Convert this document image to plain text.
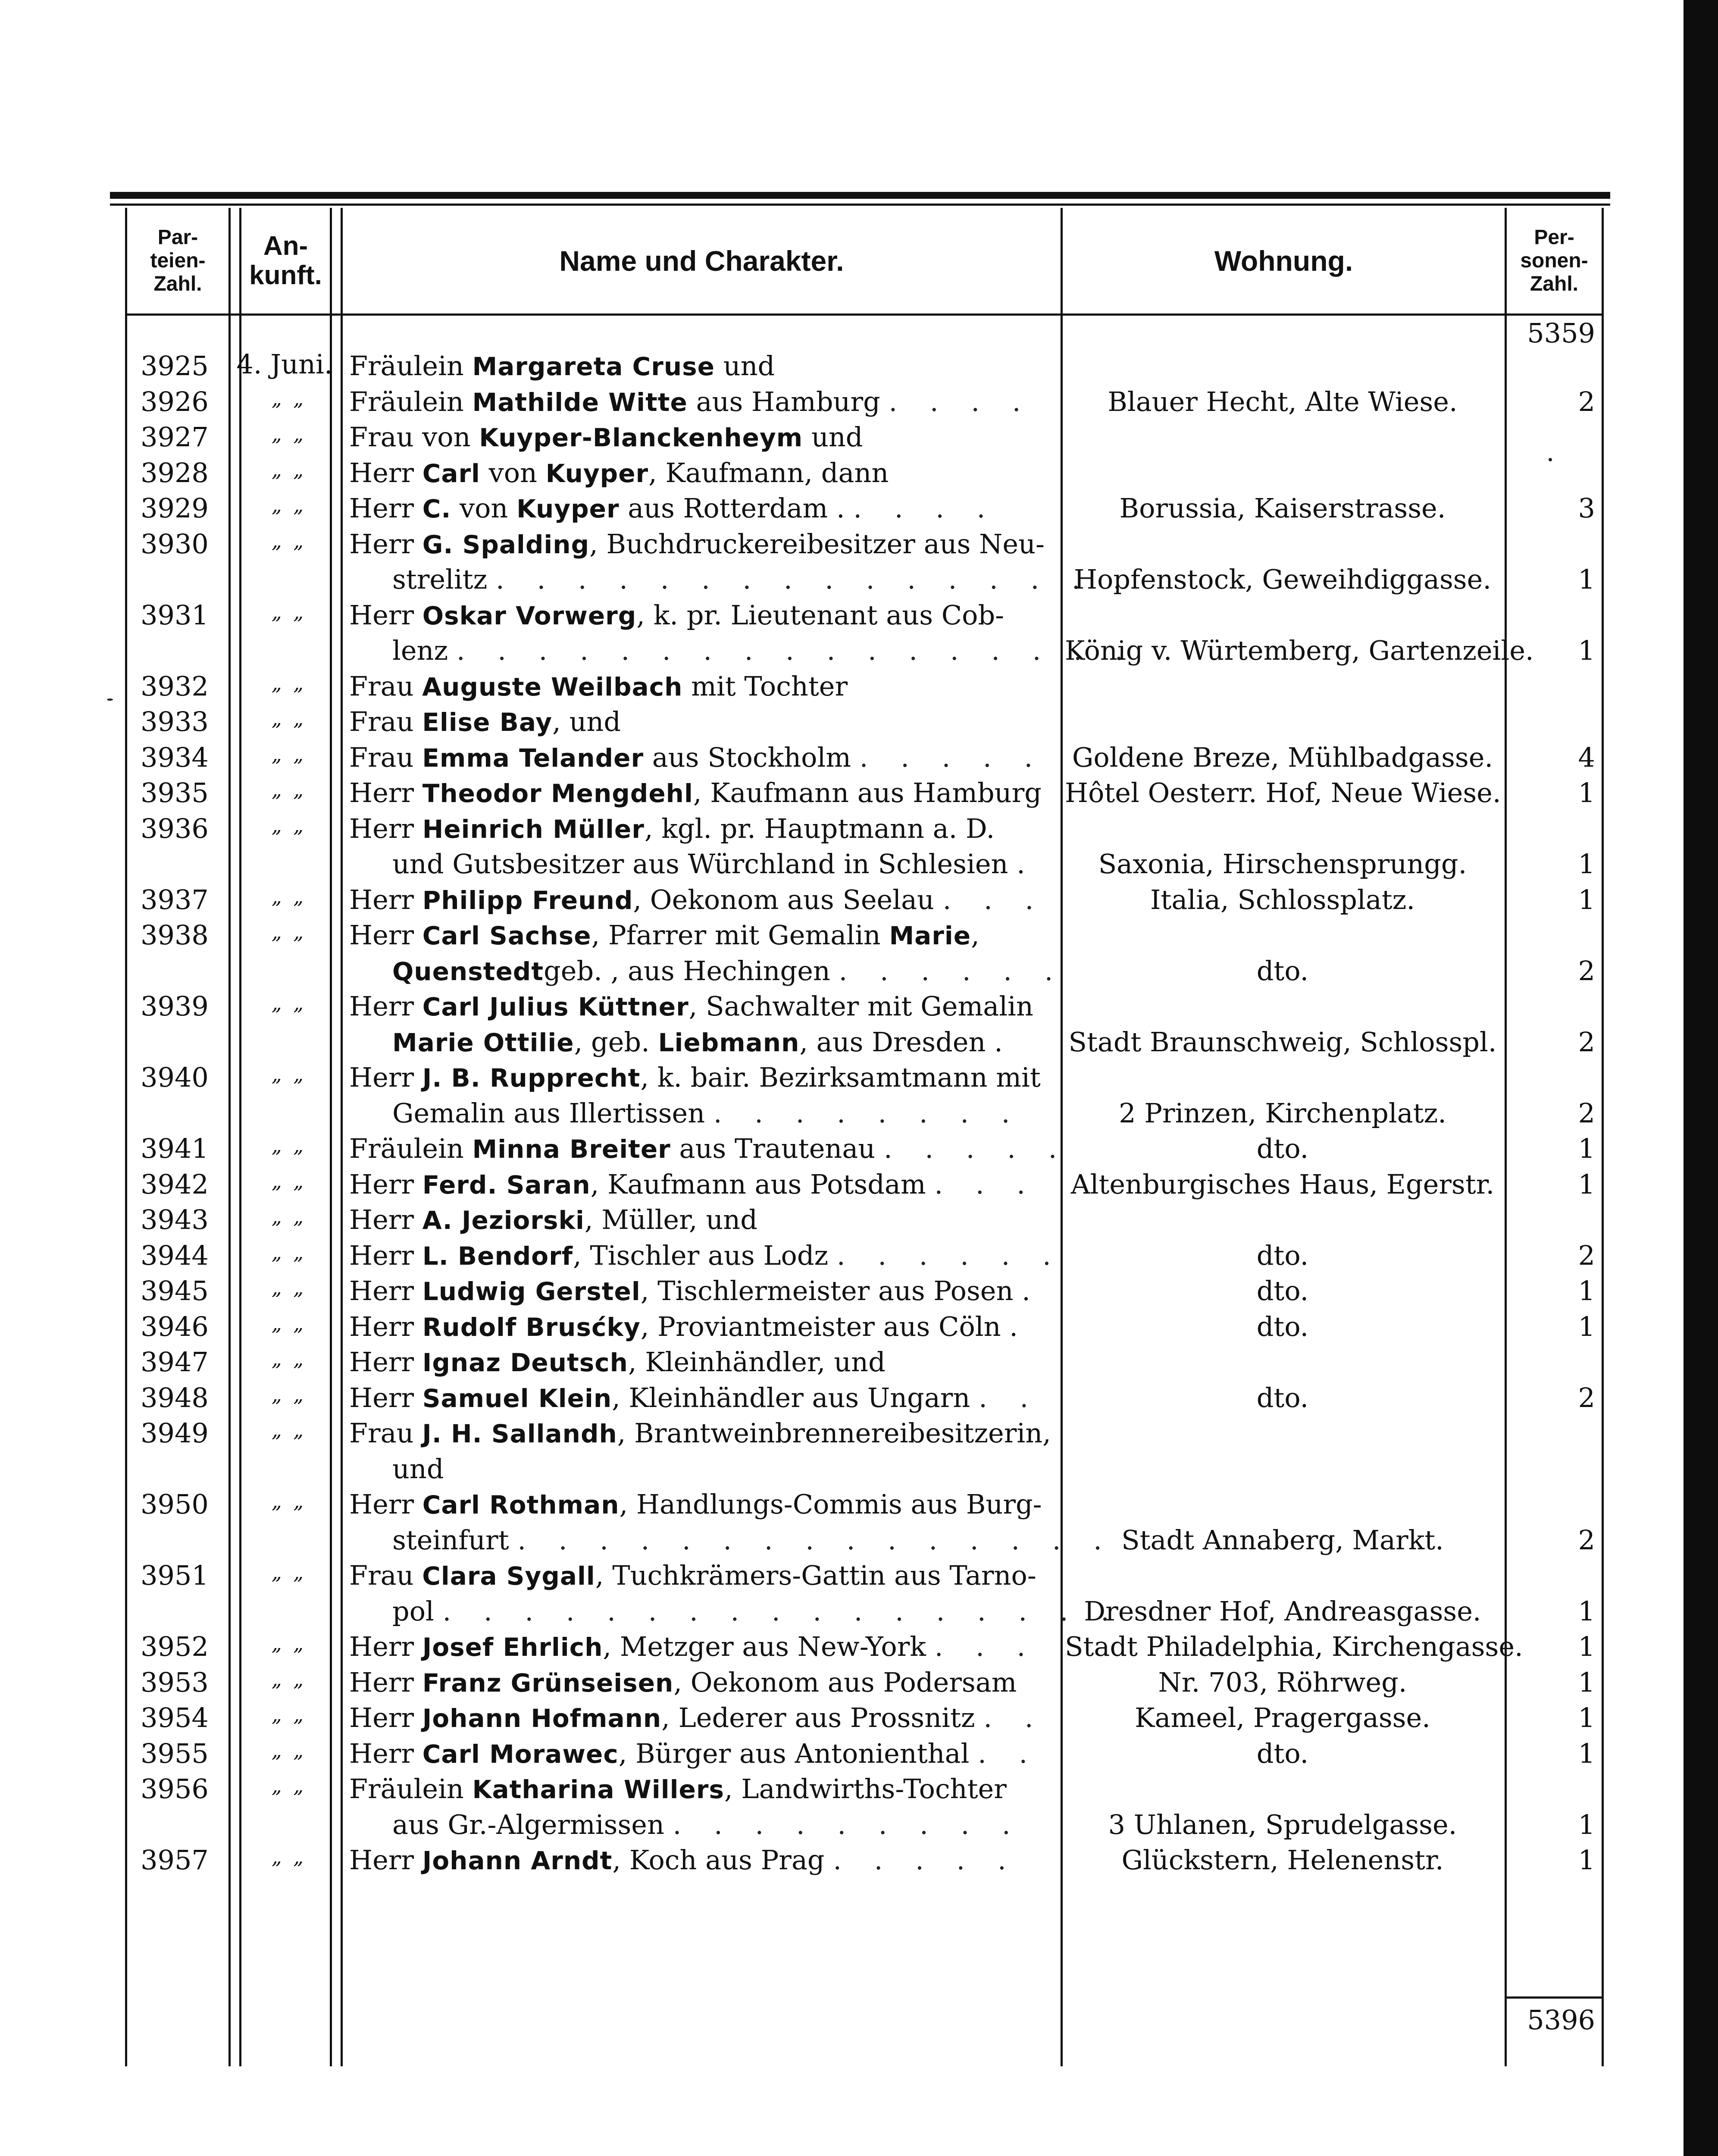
Par-
teien-
Zahl.
An-
kunft.	Name und Charakter.	Wohnung.
Per-
sonen-
Zahl.
5359
3925	4. Juni. Fräulein Margareta Cruse und
3926	„ „	Fräulein Mathilde Witte aus Hamburg . . . .	Blauer Hecht, Alte Wiese.	2
3927	„ „	Frau von Kuyper-Blanckenheym und
3928	„ „	Herr Carl von Kuyper, Kaufmann, dann
3929	„ „	Herr C. von Kuyper aus Rotterdam . . . . .	Borussia, Kaiserstrasse.	3
3930	„ „	Herr G. Spalding, Buchdruckereibesitzer aus Neu-
strelitz . . . . . . . . . . . . . . . .
Hopfenstock, Geweihdiggasse.	1
3931	„ „	Herr Oskar Vorwerg, k. pr. Lieutenant aus Cob-
lenz . . . . . . . . . . . . . . . . .
König v. Würtemberg, Gartenzeile.	1
3932	„ „	Frau Auguste Weilbach mit Tochter
3933	„ „	Frau Elise Bay, und
3934	„ „	Frau Emma Telander aus Stockholm . . . . . Goldene Breze, Mühlbadgasse.	4
3935	„ „	Herr Theodor Mengdehl, Kaufmann aus Hamburg Hôtel Oesterr. Hof, Neue Wiese.	1
3936	„ „	Herr Heinrich Müller, kgl. pr. Hauptmann a. D.
und Gutsbesitzer aus Würchland in Schlesien .	Saxonia, Hirschensprungg.	1
3937	„ „	Herr Philipp Freund, Oekonom aus Seelau . . .	Italia, Schlossplatz.	1
3938	„ „	Herr Carl Sachse, Pfarrer mit Gemalin Marie,
Quenstedtgeb. , aus Hechingen . . . . . .	dto.	2
3939	„ „	Herr Carl Julius Küttner, Sachwalter mit Gemalin
Marie Ottilie, geb. Liebmann, aus Dresden .	Stadt Braunschweig, Schlosspl.	2
3940	„ „	Herr J. B. Rupprecht, k. bair. Bezirksamtmann mit
Gemalin aus Illertissen . . . . . . . .	2 Prinzen, Kirchenplatz.	2
3941	„ „	Fräulein Minna Breiter aus Trautenau . . . . .	dto.	1
3942	„ „	Herr Ferd. Saran, Kaufmann aus Potsdam . . . Altenburgisches Haus, Egerstr.	1
3943	„ „	Herr A. Jeziorski, Müller, und
3944	„ „	Herr L. Bendorf, Tischler aus Lodz . . . . . .	dto.	2
3945	„ „	Herr Ludwig Gerstel, Tischlermeister aus Posen .	dto.	1
3946	„ „	Herr Rudolf Brusćky, Proviantmeister aus Cöln .	dto.	1
3947	„ „	Herr Ignaz Deutsch, Kleinhändler, und
3948	„ „	Herr Samuel Klein, Kleinhändler aus Ungarn . .	dto.	2
3949	„ „	Frau J. H. Sallandh, Brantweinbrennereibesitzerin,
und
3950	„ „	Herr Carl Rothman, Handlungs-Commis aus Burg-
steinfurt . . . . . . . . . . . . . . . Stadt Annaberg, Markt.	2
3951	„ „	Frau Clara Sygall, Tuchkrämers-Gattin aus Tarno-
pol . . . . . . . . . . . . . . . . .
Dresdner Hof, Andreasgasse.	1
3952	„ „	Herr Josef Ehrlich, Metzger aus New-York . . . Stadt Philadelphia, Kirchengasse.	1
3953	„ „	Herr Franz Grünseisen, Oekonom aus Podersam	Nr. 703, Röhrweg.	1
3954	„ „	Herr Johann Hofmann, Lederer aus Prossnitz . .	Kameel, Pragergasse.	1
3955	„ „	Herr Carl Morawec, Bürger aus Antonienthal . .	dto.	1
3956	„ „	Fräulein Katharina Willers, Landwirths-Tochter
aus Gr.-Algermissen . . . . . . . . .	3 Uhlanen, Sprudelgasse.	1
3957	„ „	Herr Johann Arndt, Koch aus Prag . . . . .	Glückstern, Helenenstr.	1
5396
